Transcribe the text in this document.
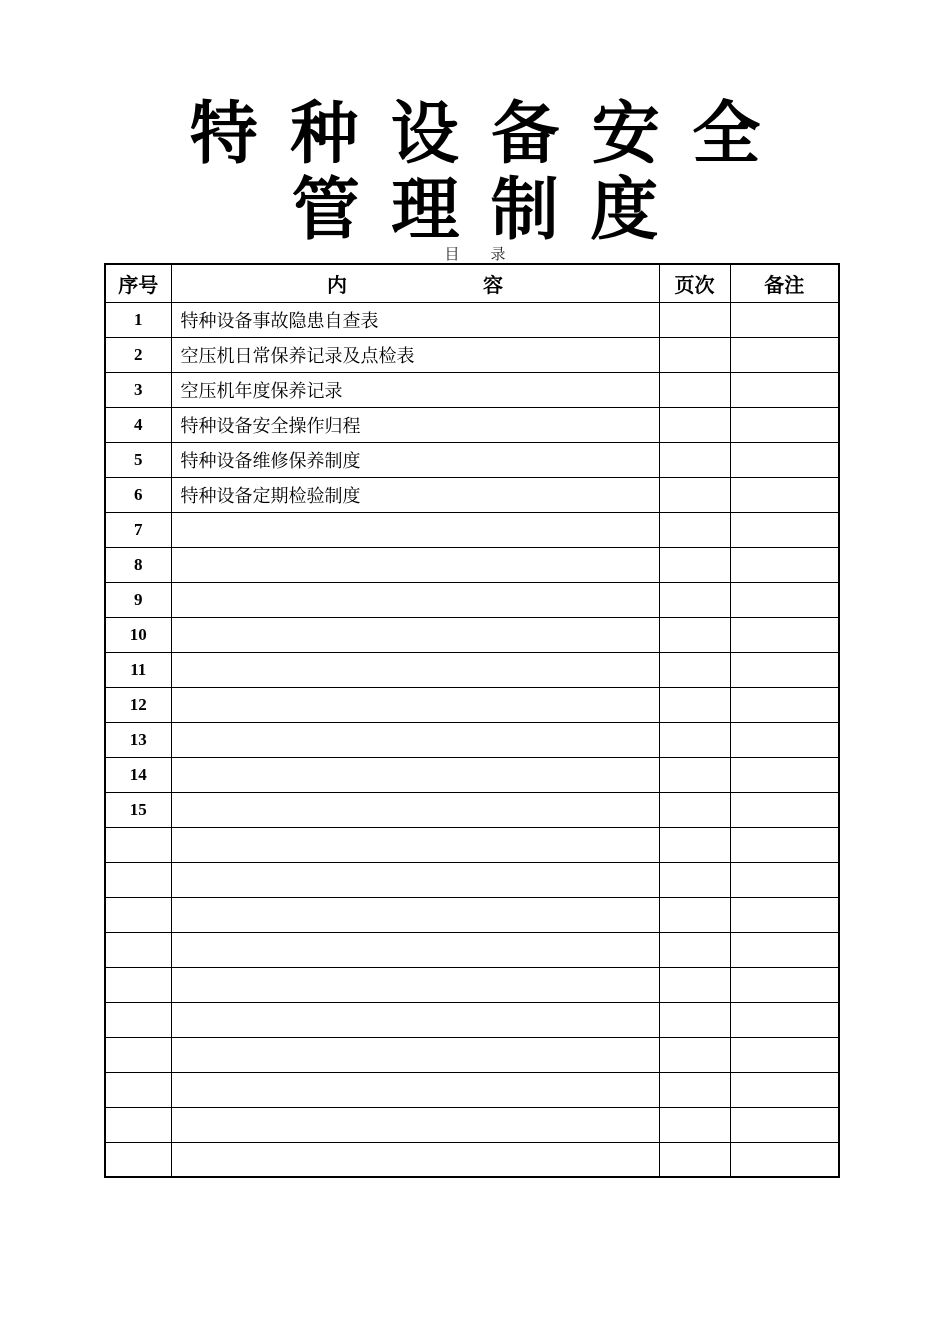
特 种 设 备 安 全
管 理 制 度
目 录
序号	内 容	页次	备注
1	特种设备事故隐患自查表		
2	空压机日常保养记录及点检表		
3	空压机年度保养记录		
4	特种设备安全操作归程		
5	特种设备维修保养制度		
6	特种设备定期检验制度		
7			
8			
9			
10			
11			
12			
13			
14			
15			
